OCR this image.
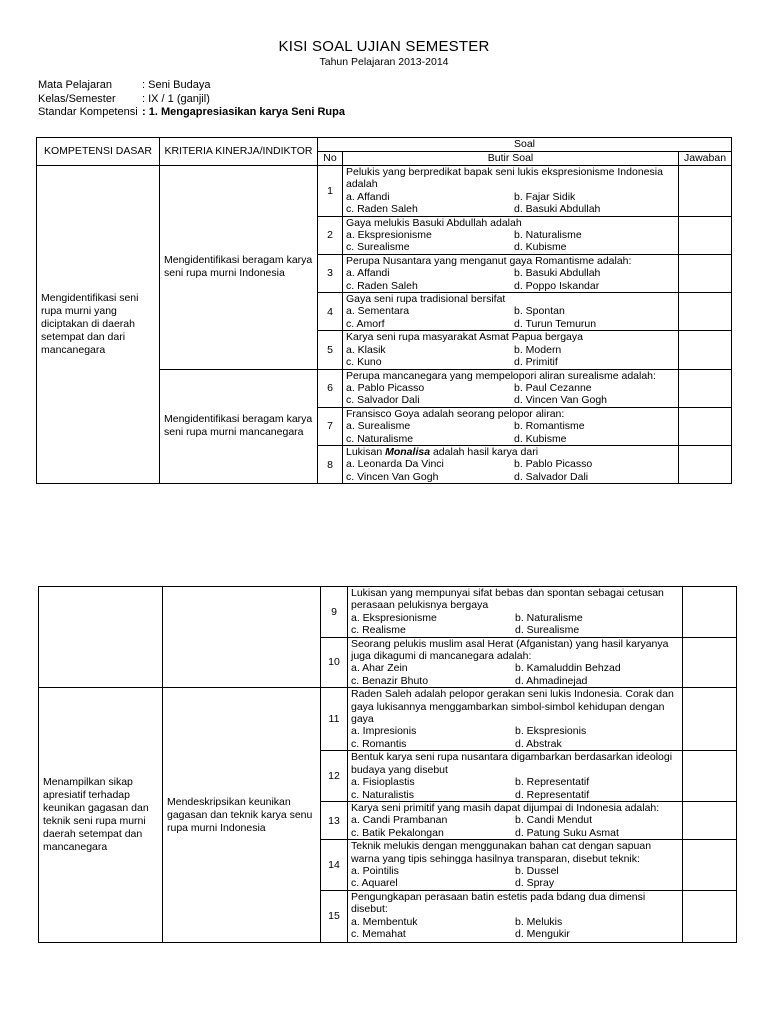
KISI SOAL UJIAN SEMESTER
Tahun Pelajaran 2013-2014
Mata Pelajaran	: Seni Budaya
Kelas/Semester	: IX / 1 (ganjil)
Standar Kompetensi : 1. Mengapresiasikan karya Seni Rupa
KOMPETENSI DASAR	KRITERIA KINERJA/INDIKTOR	Soal		
		No	Butir Soal	Jawaban
Mengidentifikasi seni rupa murni yang diciptakan di daerah setempat dan dari mancanegara	Mengidentifikasi beragam karya seni rupa murni Indonesia	1	Pelukis yang berpredikat bapak seni lukis ekspresionisme Indonesia adalah
a. Affandi b. Fajar Sidik
c. Raden Saleh d. Basuki Abdullah	

		2	Gaya melukis Basuki Abdullah adalah
a. Ekspresionisme b. Naturalisme
c. Surealisme d. Kubisme	

		3	Perupa Nusantara yang menganut gaya Romantisme adalah:
a. Affandi b. Basuki Abdullah
c. Raden Saleh d. Poppo Iskandar	

		4	Gaya seni rupa tradisional bersifat
a. Sementara b. Spontan
c. Amorf d. Turun Temurun	

		5	Karya seni rupa masyarakat Asmat Papua bergaya
a. Klasik b. Modern
c. Kuno d. Primitif	

	Mengidentifikasi beragam karya seni rupa murni mancanegara	6	Perupa mancanegara yang mempelopori aliran surealisme adalah:
a. Pablo Picasso b. Paul Cezanne
c. Salvador Dali d. Vincen Van Gogh	

		7	Fransisco Goya adalah seorang pelopor aliran:
a. Surealisme b. Romantisme
c. Naturalisme d. Kubisme	

		8	Lukisan Monalisa adalah hasil karya dari
a. Leonarda Da Vinci b. Pablo Picasso
c. Vincen Van Gogh d. Salvador Dali	

		9	Lukisan yang mempunyai sifat bebas dan spontan sebagai cetusan perasaan pelukisnya bergaya
a. Ekspresionisme b. Naturalisme
c. Realisme d. Surealisme	

		10	Seorang pelukis muslim asal Herat (Afganistan) yang hasil karyanya juga dikagumi di mancanegara adalah:
a. Ahar Zein b. Kamaluddin Behzad
c. Benazir Bhuto d. Ahmadinejad	

Menampilkan sikap apresiatif terhadap keunikan gagasan dan teknik seni rupa murni daerah setempat dan mancanegara	Mendeskripsikan keunikan gagasan dan teknik karya senu rupa murni Indonesia	11	Raden Saleh adalah pelopor gerakan seni lukis Indonesia. Corak dan gaya lukisannya menggambarkan simbol-simbol kehidupan dengan gaya
a. Impresionis b. Ekspresionis
c. Romantis d. Abstrak	

		12	Bentuk karya seni rupa nusantara digambarkan berdasarkan ideologi budaya yang disebut
a. Fisioplastis b. Representatif
c. Naturalistis d. Representatif	

		13	Karya seni primitif yang masih dapat dijumpai di Indonesia adalah:
a. Candi Prambanan b. Candi Mendut
c. Batik Pekalongan d. Patung Suku Asmat	

		14	Teknik melukis dengan menggunakan bahan cat dengan sapuan warna yang tipis sehingga hasilnya transparan, disebut teknik:
a. Pointilis b. Dussel
c. Aquarel d. Spray	

		15	Pengungkapan perasaan batin estetis pada bdang dua dimensi disebut:
a. Membentuk b. Melukis
c. Memahat d. Mengukir	
